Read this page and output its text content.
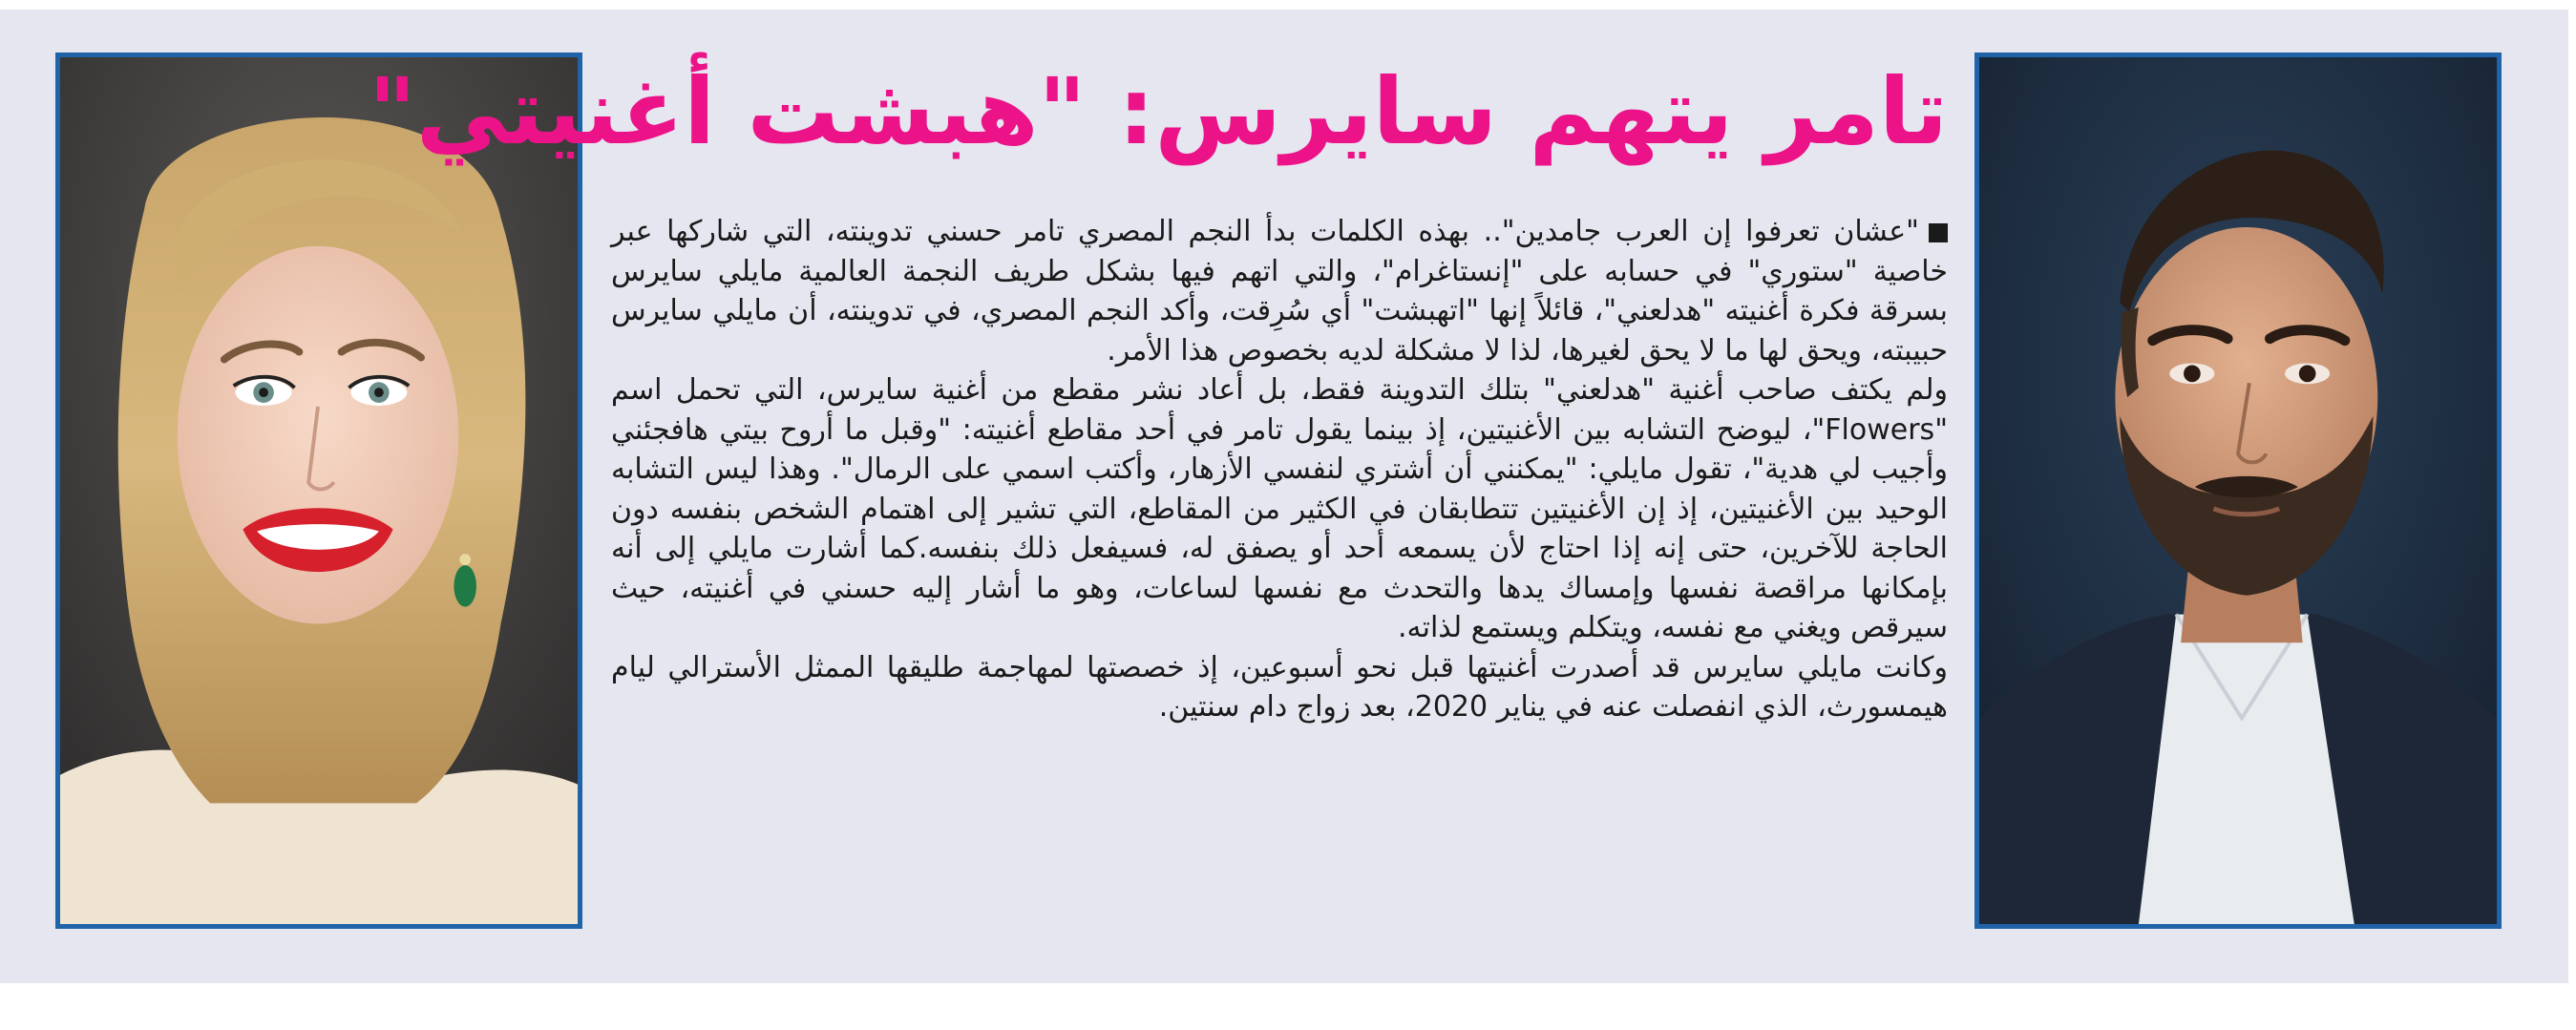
تامر يتهم سايرس: "هبشت أغنيتي"

"عشان تعرفوا إن العرب جامدين".. بهذه الكلمات بدأ النجم المصري تامر حسني تدوينته، التي شاركها عبر خاصية "ستوري" في حسابه على "إنستاغرام"، والتي اتهم فيها بشكل طريف النجمة العالمية مايلي سايرس بسرقة فكرة أغنيته "هدلعني"، قائلاً إنها "اتهبشت" أي سُرِقت، وأكد النجم المصري، في تدوينته، أن مايلي سايرس حبيبته، ويحق لها ما لا يحق لغيرها، لذا لا مشكلة لديه بخصوص هذا الأمر.

ولم يكتف صاحب أغنية "هدلعني" بتلك التدوينة فقط، بل أعاد نشر مقطع من أغنية سايرس، التي تحمل اسم "Flowers"، ليوضح التشابه بين الأغنيتين، إذ بينما يقول تامر في أحد مقاطع أغنيته: "وقبل ما أروح بيتي هافجئني وأجيب لي هدية"، تقول مايلي: "يمكنني أن أشتري لنفسي الأزهار، وأكتب اسمي على الرمال". وهذا ليس التشابه الوحيد بين الأغنيتين، إذ إن الأغنيتين تتطابقان في الكثير من المقاطع، التي تشير إلى اهتمام الشخص بنفسه دون الحاجة للآخرين، حتى إنه إذا احتاج لأن يسمعه أحد أو يصفق له، فسيفعل ذلك بنفسه.كما أشارت مايلي إلى أنه بإمكانها مراقصة نفسها وإمساك يدها والتحدث مع نفسها لساعات، وهو ما أشار إليه حسني في أغنيته، حيث سيرقص ويغني مع نفسه، ويتكلم ويستمع لذاته.

وكانت مايلي سايرس قد أصدرت أغنيتها قبل نحو أسبوعين، إذ خصصتها لمهاجمة طليقها الممثل الأسترالي ليام هيمسورث، الذي انفصلت عنه في يناير 2020، بعد زواج دام سنتين.
